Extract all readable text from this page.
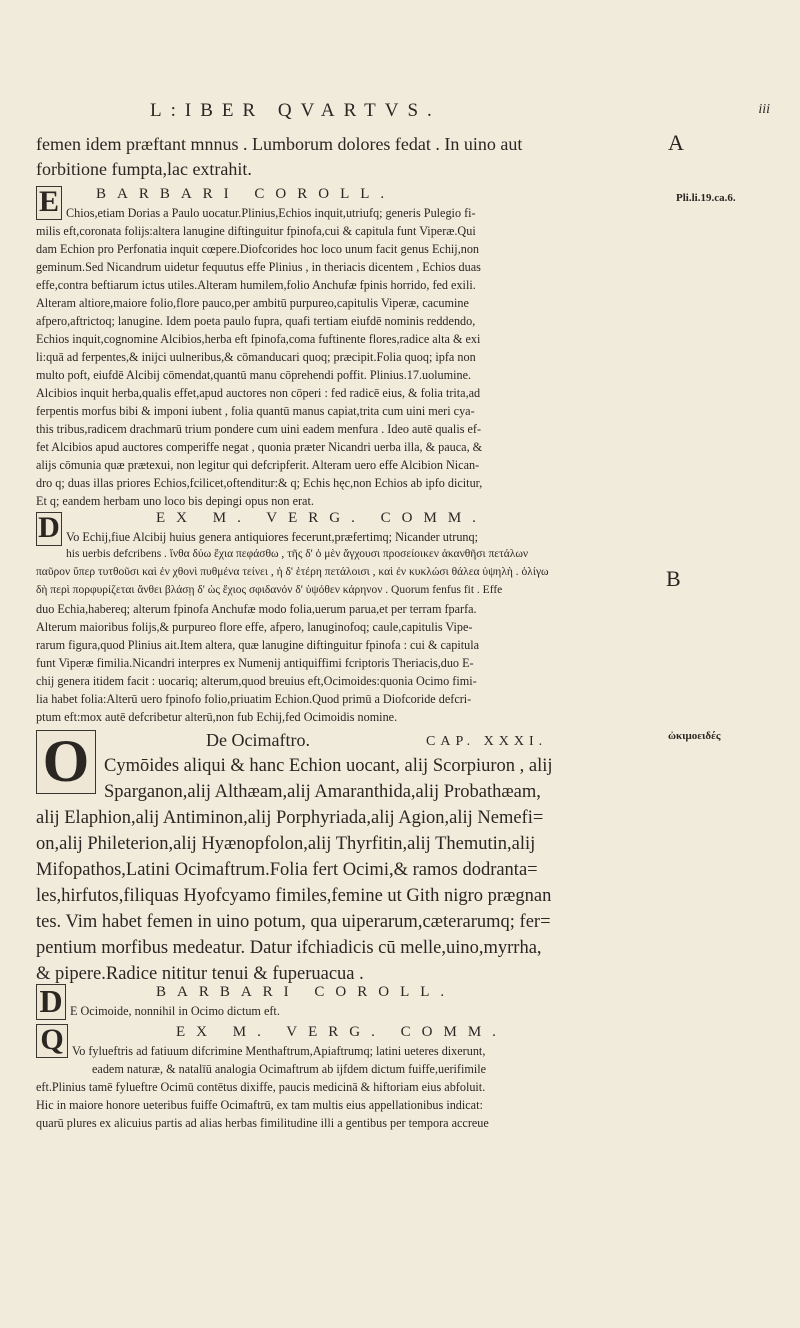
L:IBER QVARTVS.	iii
femen idem præftant mnnus . Lumborum dolores fedat . In uino aut
forbitione fumpta,lac extrahit.
E BARBARI COROLL.
Chios,etiam Dorias a Paulo uocatur.Plinius,Echios inquit,utriufq; generis Pulegio fi-
milis eft,coronata folijs:altera lanugine diftinguitur fpinofa,cui & capitula funt Viperæ.Qui
dam Echion pro Perfonatia inquit cœpere.Diofcorides hoc loco unum facit genus Echij,non
geminum.Sed Nicandrum uidetur fequutus effe Plinius , in theriacis dicentem , Echios duas
effe,contra beftiarum ictus utiles.Alteram humilem,folio Anchufæ fpinis horrido, fed exili.
Alteram altiore,maiore folio,flore pauco,per ambitū purpureo,capitulis Viperæ, cacumine
afpero,aftrictoq; lanugine. Idem poeta paulo fupra, quafi tertiam eiufdē nominis reddendo,
Echios inquit,cognomine Alcibios,herba eft fpinofa,coma fuftinente flores,radice alta & exi
li:quā ad ferpentes,& inijci uulneribus,& cōmanducari quoq; præcipit.Folia quoq; ipfa non
multo poft, eiufdē Alcibij cōmendat,quantū manu cōprehendi poffit. Plinius.17.uolumine.
Alcibios inquit herba,qualis effet,apud auctores non cōperi : fed radicē eius, & folia trita,ad
ferpentis morfus bibi & imponi iubent , folia quantū manus capiat,trita cum uini meri cya-
this tribus,radicem drachmarū trium pondere cum uini eadem menfura . Ideo autē qualis ef-
fet Alcibios apud auctores comperiffe negat , quonia præter Nicandri uerba illa, & pauca, &
alijs cōmunia quæ prætexui, non legitur qui defcripferit. Alteram uero effe Alcibion Nican-
dro q; duas illas priores Echios,fcilicet,oftenditur:& q; Echis hęc,non Echios ab ipfo dicitur,
Et q; eandem herbam uno loco bis depingi opus non erat.
D	EX M. VERG. COMM.
Vo Echij,fiue Alcibij huius genera antiquiores fecerunt,præfertimq; Nicander utrunq;
his uerbis defcribens . ἴνθα δύω ἔχια πεφάσθω , τῆς δ' ὁ μὲν ἄγχουσι προσείοικεν ἀκανθῆσι πετάλων
παῦρον ὕπερ τυτθοῦσι καὶ ἐν χθονὶ πυθμένα τείνει , ἡ δ' ἑτέρη πετάλοισι , καὶ ἐν κυκλώσι θάλεα ὑψηλὴ . ὀλίγω
δὴ περὶ πορφυρίζεται ἄνθει βλάσῃ δ' ὡς ἔχιος σφιδανόν δ' ὑψόθεν κάρηνον . Quorum fenfus fit . Effe
duo Echia,habereq; alterum fpinofa Anchufæ modo folia,uerum parua,et per terram fparfa.
Alterum maioribus folijs,& purpureo flore effe, afpero, lanuginofoq; caule,capitulis Vipe-
rarum figura,quod Plinius ait.Item altera, quæ lanugine diftinguitur fpinofa : cui & capitula
funt Viperæ fimilia.Nicandri interpres ex Numenij antiquiffimi fcriptoris Theriacis,duo E-
chij genera itidem facit : uocariq; alterum,quod breuius eft,Ocimoides:quonia Ocimo fimi-
lia habet folia:Alterū uero fpinofo folio,priuatim Echion.Quod primū a Diofcoride defcri-
ptum eft:mox autē defcribetur alterū,non fub Echij,fed Ocimoidis nomine.
O	De Ocimaftro.	CAP. XXXI.
Cymōides aliqui & hanc Echion uocant, alij Scorpiuron , alij
Sparganon,alij Althæam,alij Amaranthida,alij Probathæam,
alij Elaphion,alij Antiminon,alij Porphyriada,alij Agion,alij Nemefi=
on,alij Phileterion,alij Hyænopfolon,alij Thyrfitin,alij Themutin,alij
Mifopathos,Latini Ocimaftrum.Folia fert Ocimi,& ramos dodranta=
les,hirfutos,filiquas Hyofcyamo fimiles,femine ut Gith nigro prægnan
tes. Vim habet femen in uino potum, qua uiperarum,cæterarumq; fer=
pentium morfibus medeatur. Datur ifchiadicis cū melle,uino,myrrha,
& pipere.Radice nititur tenui & fuperuacua .
D	BARBARI COROLL.
E Ocimoide, nonnihil in Ocimo dictum eft.
Q	EX M. VERG. COMM.
Vo fylueftris ad fatiuum difcrimine Menthaftrum,Apiaftrumq; latini ueteres dixerunt,
eadem naturæ, & natalīū analogia Ocimaftrum ab ijfdem dictum fuiffe,uerifimile
eft.Plinius tamē fylueftre Ocimū contētus dixiffe, paucis medicinā & hiftoriam eius abfoluit.
Hic in maiore honore ueteribus fuiffe Ocimaftrū, ex tam multis eius appellationibus indicat:
quarū plures ex alicuius partis ad alias herbas fimilitudine illi a gentibus per tempora accreue
A
Pli.li.19.ca.6.
B
ὠκιμοειδές
